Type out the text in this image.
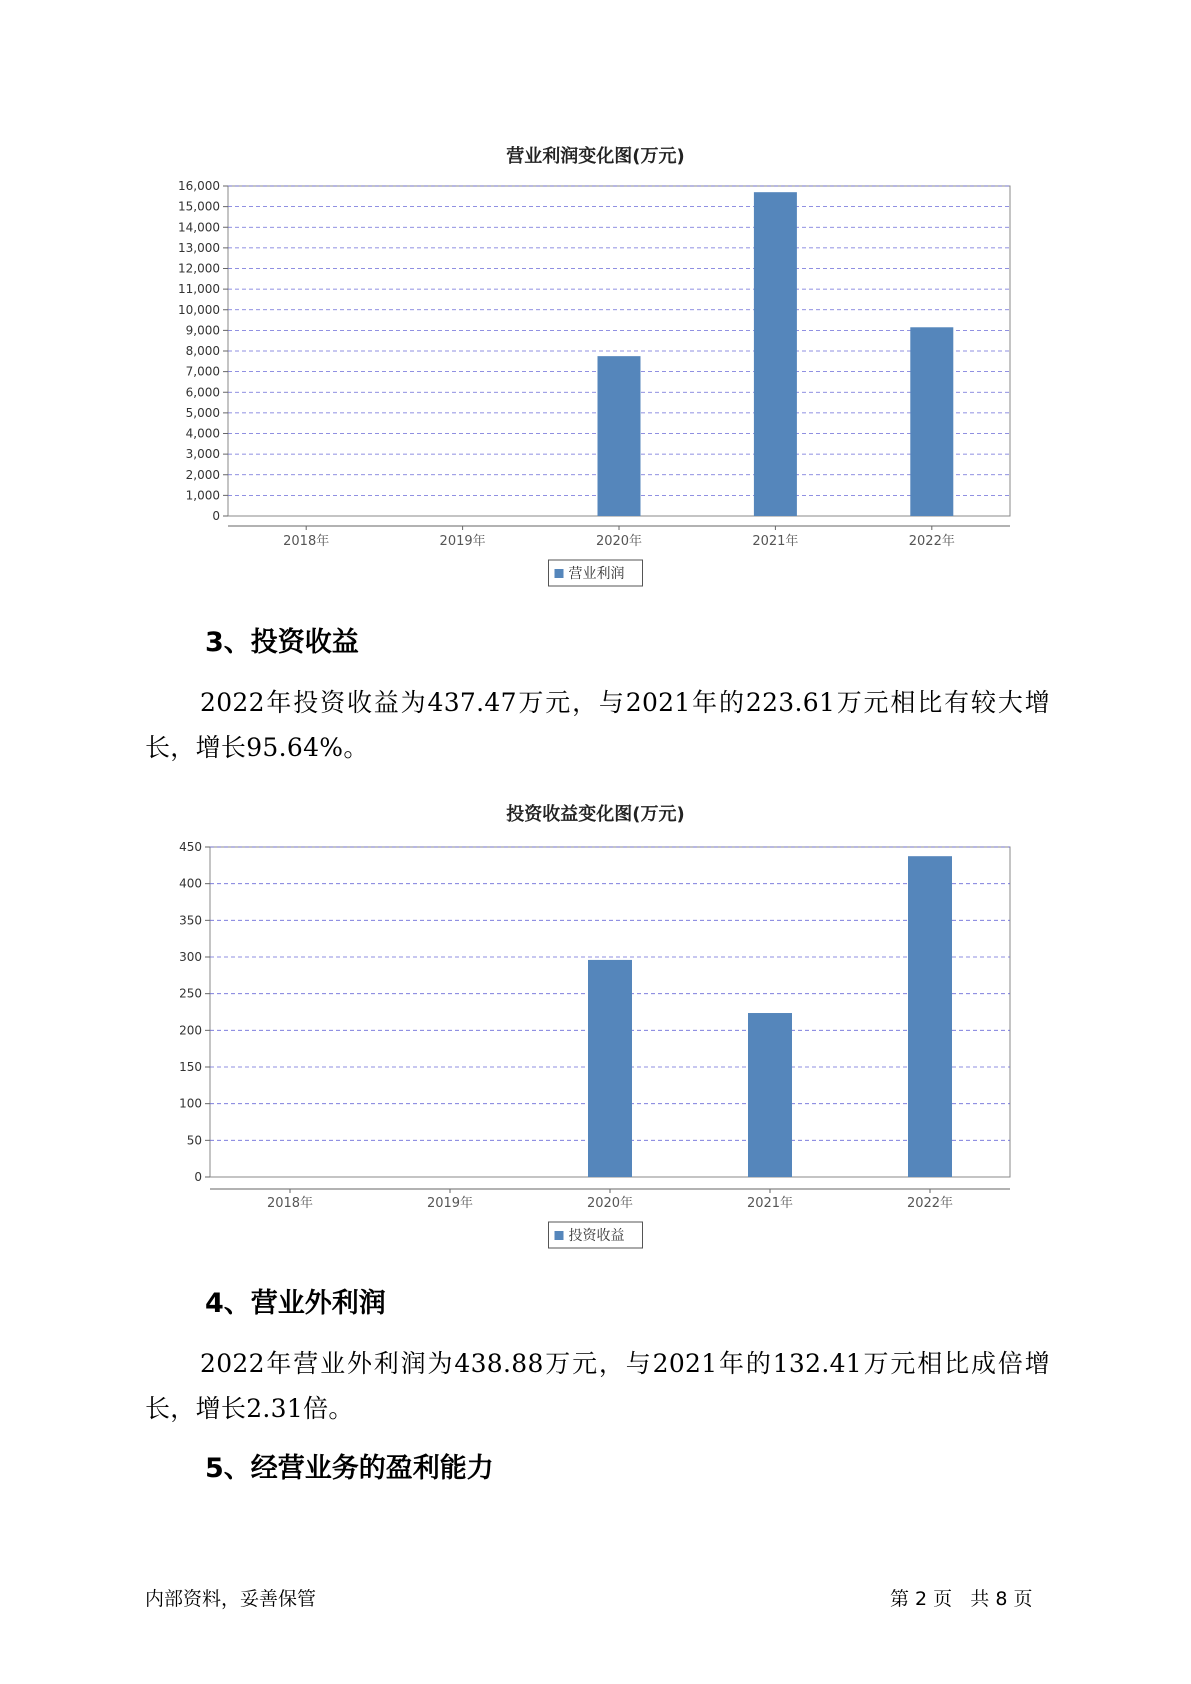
营业利润变化图(万元)
0
1,000
2,000
3,000
4,000
5,000
6,000
7,000
8,000
9,000
10,000
11,000
12,000
13,000
14,000
15,000
16,000
2018年	2019年	2020年	2021年	2022年
营业利润
3、投资收益
2022年投资收益为437.47万元，与2021年的223.61万元相比有较大增长，增长95.64%。
投资收益变化图(万元)
0
50
100
150
200
250
300
350
400
450
2018年	2019年	2020年	2021年	2022年
投资收益
4、营业外利润
2022年营业外利润为438.88万元，与2021年的132.41万元相比成倍增长，增长2.31倍。
5、经营业务的盈利能力
内部资料，妥善保管	第 2 页   共 8 页
